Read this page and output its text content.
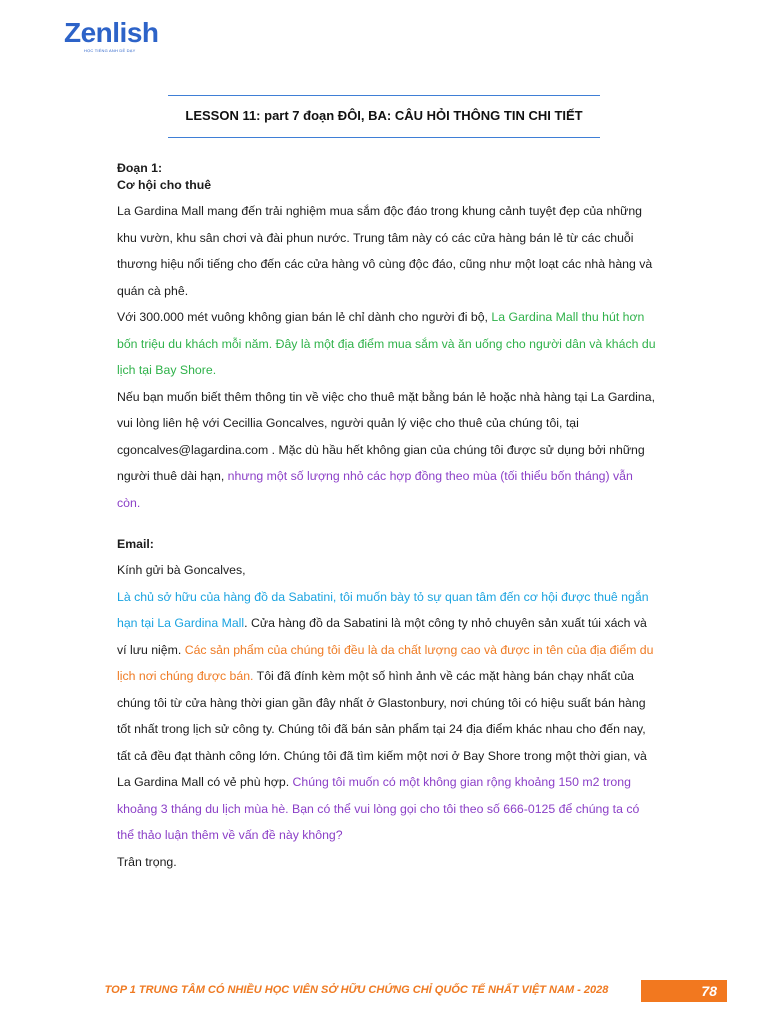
Zenlish
HỌC TIẾNG ANH DỄ DẠY
LESSON 11: part 7 đoạn ĐÔI, BA: CÂU HỎI THÔNG TIN CHI TIẾT

Đoạn 1:

Cơ hội cho thuê

La Gardina Mall mang đến trải nghiệm mua sắm độc đáo trong khung cảnh tuyệt đẹp của những khu vườn, khu sân chơi và đài phun nước. Trung tâm này có các cửa hàng bán lẻ từ các chuỗi thương hiệu nổi tiếng cho đến các cửa hàng vô cùng độc đáo, cũng như một loạt các nhà hàng và quán cà phê.

Với 300.000 mét vuông không gian bán lẻ chỉ dành cho người đi bộ, La Gardina Mall thu hút hơn bốn triệu du khách mỗi năm. Đây là một địa điểm mua sắm và ăn uống cho người dân và khách du lịch tại Bay Shore.

Nếu bạn muốn biết thêm thông tin về việc cho thuê mặt bằng bán lẻ hoặc nhà hàng tại La Gardina, vui lòng liên hệ với Cecillia Goncalves, người quản lý việc cho thuê của chúng tôi, tại cgoncalves@lagardina.com . Mặc dù hầu hết không gian của chúng tôi được sử dụng bởi những người thuê dài hạn, nhưng một số lượng nhỏ các hợp đồng theo mùa (tối thiểu bốn tháng) vẫn còn.

Email:

Kính gửi bà Goncalves,

Là chủ sở hữu của hàng đồ da Sabatini, tôi muốn bày tỏ sự quan tâm đến cơ hội được thuê ngắn hạn tại La Gardina Mall. Cửa hàng đồ da Sabatini là một công ty nhỏ chuyên sản xuất túi xách và ví lưu niệm. Các sản phẩm của chúng tôi đều là da chất lượng cao và được in tên của địa điểm du lịch nơi chúng được bán. Tôi đã đính kèm một số hình ảnh về các mặt hàng bán chạy nhất của chúng tôi từ cửa hàng thời gian gần đây nhất ở Glastonbury, nơi chúng tôi có hiệu suất bán hàng tốt nhất trong lịch sử công ty. Chúng tôi đã bán sản phẩm tại 24 địa điểm khác nhau cho đến nay, tất cả đều đạt thành công lớn. Chúng tôi đã tìm kiếm một nơi ở Bay Shore trong một thời gian, và La Gardina Mall có vẻ phù hợp. Chúng tôi muốn có một không gian rộng khoảng 150 m2 trong khoảng 3 tháng du lịch mùa hè. Bạn có thể vui lòng gọi cho tôi theo số 666-0125 để chúng ta có thể thảo luận thêm về vấn đề này không?

Trân trọng.

TOP 1 TRUNG TÂM CÓ NHIỀU HỌC VIÊN SỞ HỮU CHỨNG CHỈ QUỐC TẾ NHẤT VIỆT NAM - 2028	78
